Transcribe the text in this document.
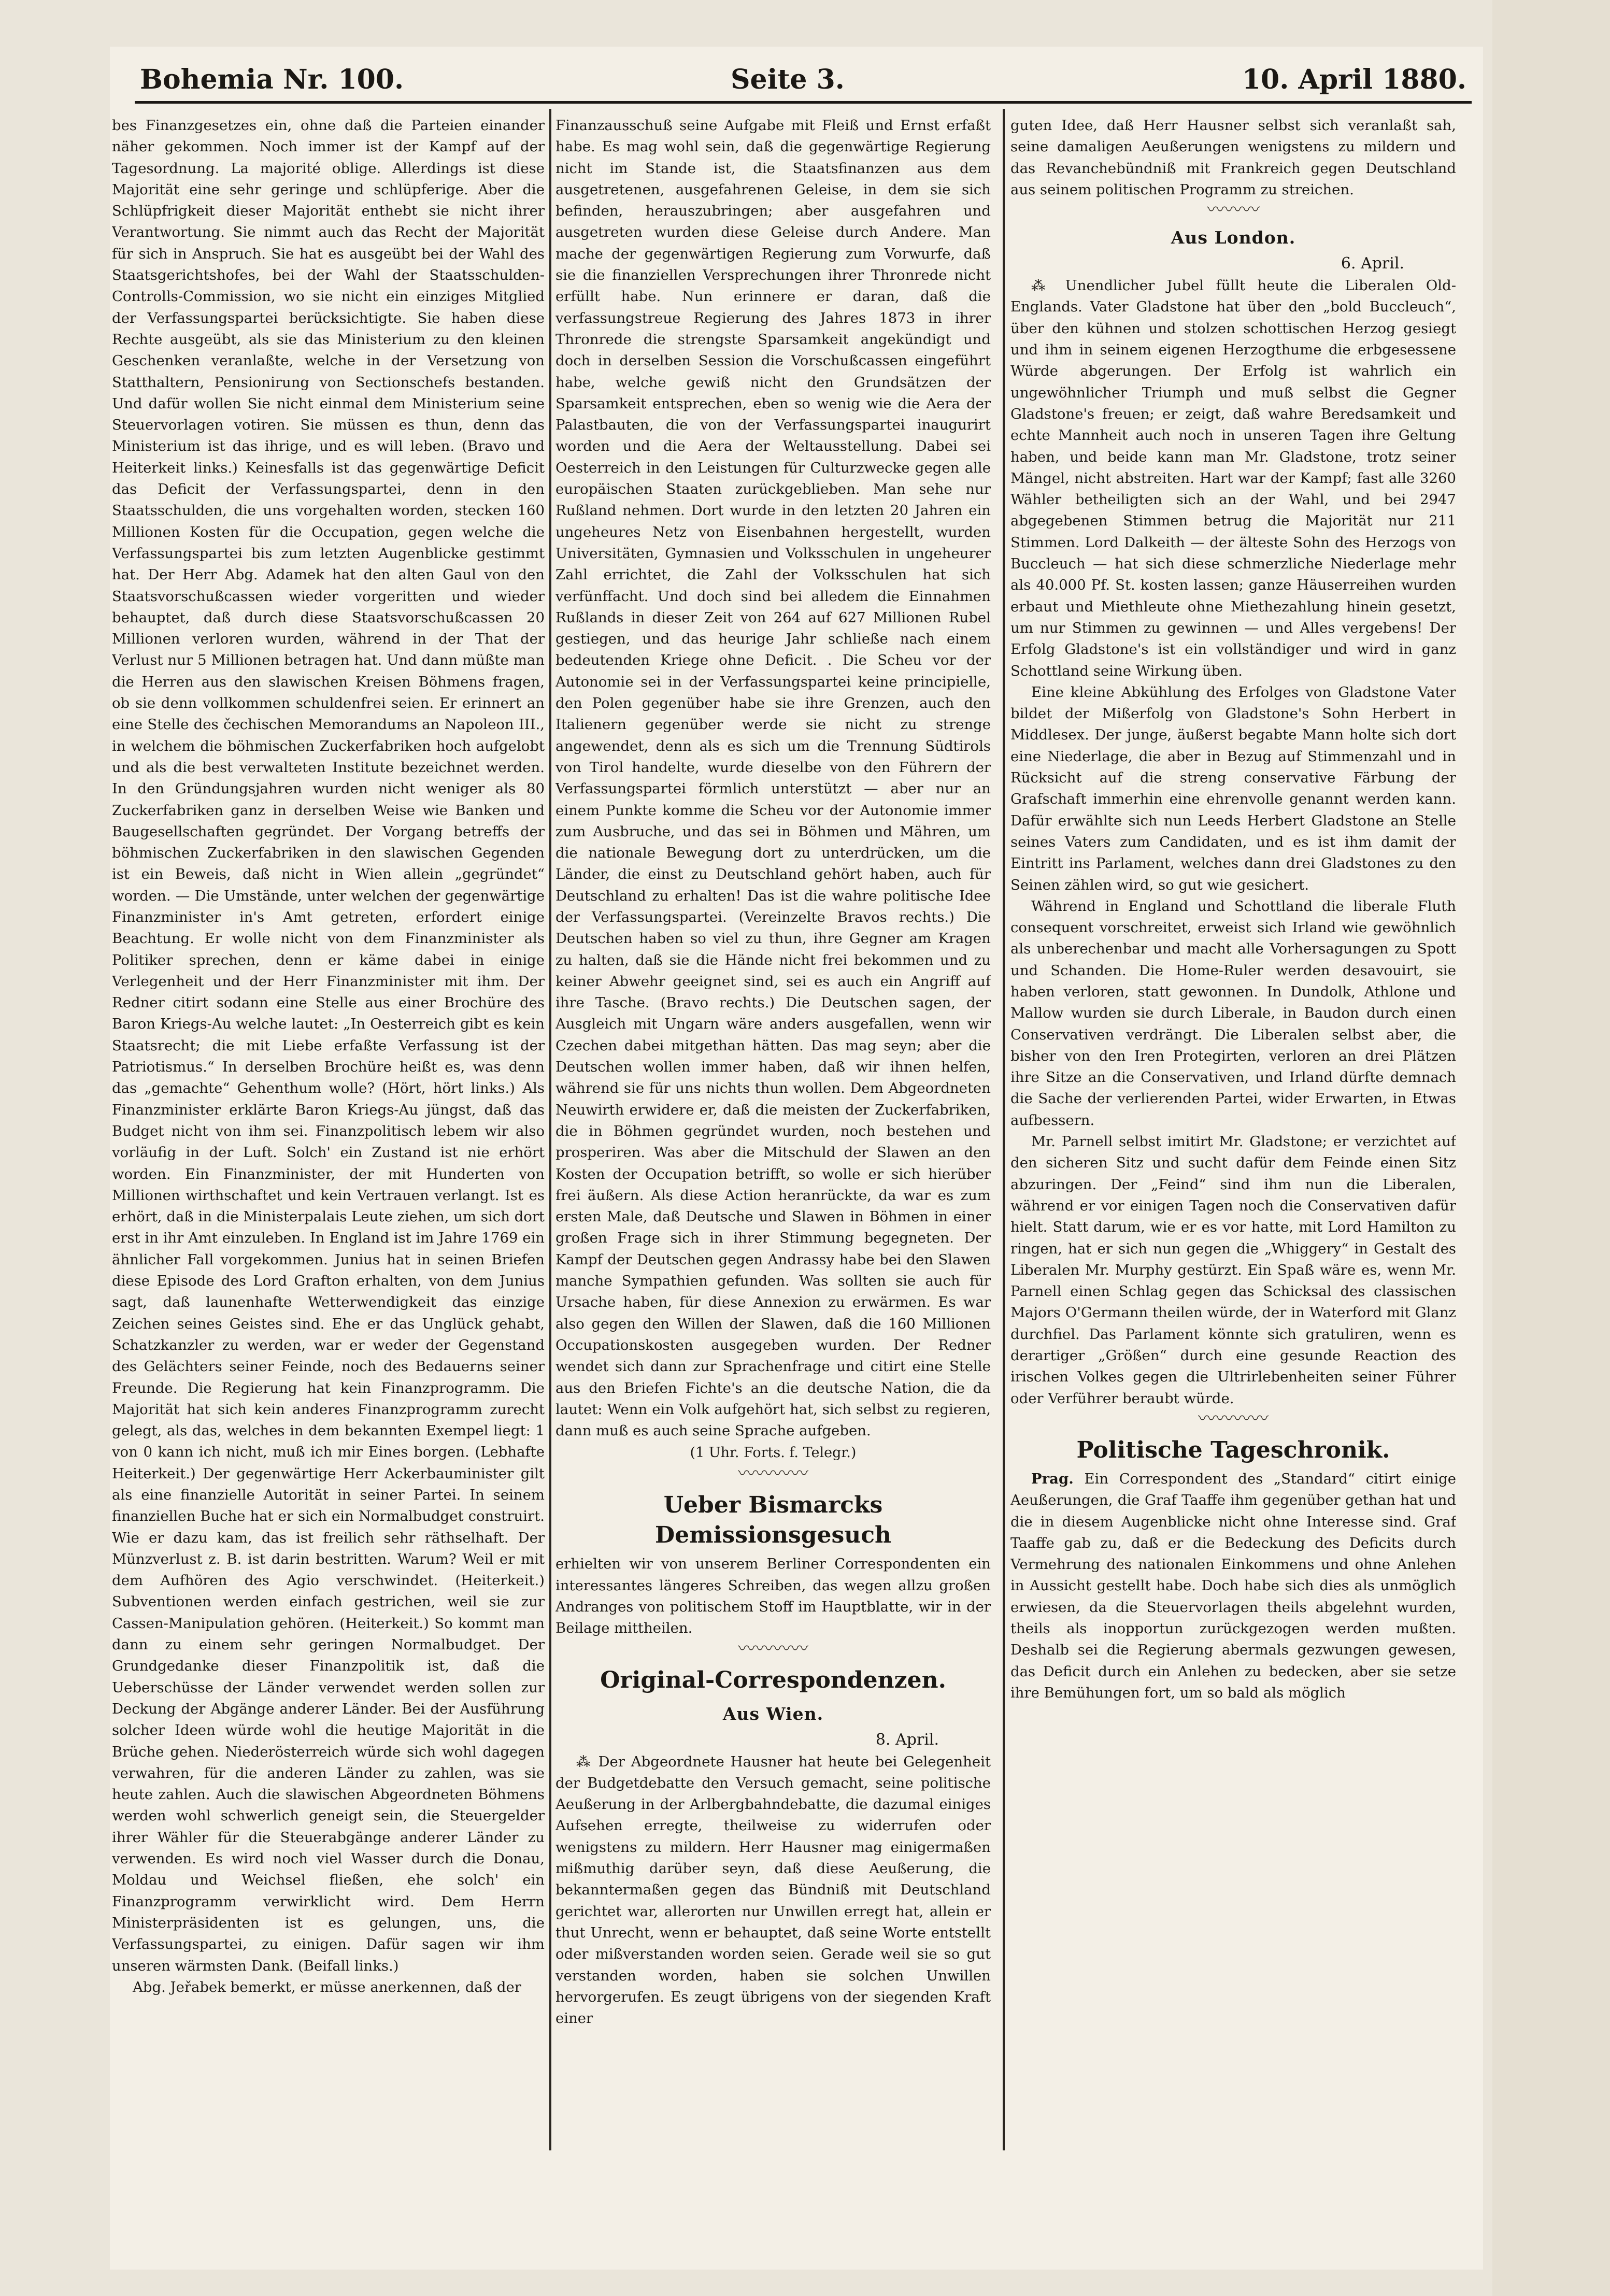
Bohemia Nr. 100.	Seite 3.	10. April 1880.

bes Finanzgesetzes ein, ohne daß die Parteien einander näher gekommen. Noch immer ist der Kampf auf der Tagesordnung. La majorité oblige. Allerdings ist diese Majorität eine sehr geringe und schlüpferige. Aber die Schlüpfrigkeit dieser Majorität enthebt sie nicht ihrer Verantwortung. Sie nimmt auch das Recht der Majorität für sich in Anspruch. Sie hat es ausgeübt bei der Wahl des Staatsgerichtshofes, bei der Wahl der Staatsschulden-Controlls-Commission, wo sie nicht ein einziges Mitglied der Verfassungspartei berücksichtigte. Sie haben diese Rechte ausgeübt, als sie das Ministerium zu den kleinen Geschenken veranlaßte, welche in der Versetzung von Statthaltern, Pensionirung von Sectionschefs bestanden. Und dafür wollen Sie nicht einmal dem Ministerium seine Steuervorlagen votiren. Sie müssen es thun, denn das Ministerium ist das ihrige, und es will leben. (Bravo und Heiterkeit links.) Keinesfalls ist das gegenwärtige Deficit das Deficit der Verfassungspartei, denn in den Staatsschulden, die uns vorgehalten worden, stecken 160 Millionen Kosten für die Occupation, gegen welche die Verfassungspartei bis zum letzten Augenblicke gestimmt hat. Der Herr Abg. Adamek hat den alten Gaul von den Staatsvorschußcassen wieder vorgeritten und wieder behauptet, daß durch diese Staatsvorschußcassen 20 Millionen verloren wurden, während in der That der Verlust nur 5 Millionen betragen hat. Und dann müßte man die Herren aus den slawischen Kreisen Böhmens fragen, ob sie denn vollkommen schuldenfrei seien. Er erinnert an eine Stelle des čechischen Memorandums an Napoleon III., in welchem die böhmischen Zuckerfabriken hoch aufgelobt und als die best verwalteten Institute bezeichnet werden. In den Gründungsjahren wurden nicht weniger als 80 Zuckerfabriken ganz in derselben Weise wie Banken und Baugesellschaften gegründet. Der Vorgang betreffs der böhmischen Zuckerfabriken in den slawischen Gegenden ist ein Beweis, daß nicht in Wien allein „gegründet“ worden. — Die Umstände, unter welchen der gegenwärtige Finanzminister in's Amt getreten, erfordert einige Beachtung. Er wolle nicht von dem Finanzminister als Politiker sprechen, denn er käme dabei in einige Verlegenheit und der Herr Finanzminister mit ihm. Der Redner citirt sodann eine Stelle aus einer Brochüre des Baron Kriegs-Au welche lautet: „In Oesterreich gibt es kein Staatsrecht; die mit Liebe erfaßte Verfassung ist der Patriotismus.“ In derselben Brochüre heißt es, was denn das „gemachte“ Gehenthum wolle? (Hört, hört links.) Als Finanzminister erklärte Baron Kriegs-Au jüngst, daß das Budget nicht von ihm sei. Finanzpolitisch lebem wir also vorläufig in der Luft. Solch' ein Zustand ist nie erhört worden. Ein Finanzminister, der mit Hunderten von Millionen wirthschaftet und kein Vertrauen verlangt. Ist es erhört, daß in die Ministerpalais Leute ziehen, um sich dort erst in ihr Amt einzuleben. In England ist im Jahre 1769 ein ähnlicher Fall vorgekommen. Junius hat in seinen Briefen diese Episode des Lord Grafton erhalten, von dem Junius sagt, daß launenhafte Wetterwendigkeit das einzige Zeichen seines Geistes sind. Ehe er das Unglück gehabt, Schatzkanzler zu werden, war er weder der Gegenstand des Gelächters seiner Feinde, noch des Bedauerns seiner Freunde. Die Regierung hat kein Finanzprogramm. Die Majorität hat sich kein anderes Finanzprogramm zurecht gelegt, als das, welches in dem bekannten Exempel liegt: 1 von 0 kann ich nicht, muß ich mir Eines borgen. (Lebhafte Heiterkeit.) Der gegenwärtige Herr Ackerbauminister gilt als eine finanzielle Autorität in seiner Partei. In seinem finanziellen Buche hat er sich ein Normalbudget construirt. Wie er dazu kam, das ist freilich sehr räthselhaft. Der Münzverlust z. B. ist darin bestritten. Warum? Weil er mit dem Aufhören des Agio verschwindet. (Heiterkeit.) Subventionen werden einfach gestrichen, weil sie zur Cassen-Manipulation gehören. (Heiterkeit.) So kommt man dann zu einem sehr geringen Normalbudget. Der Grundgedanke dieser Finanzpolitik ist, daß die Ueberschüsse der Länder verwendet werden sollen zur Deckung der Abgänge anderer Länder. Bei der Ausführung solcher Ideen würde wohl die heutige Majorität in die Brüche gehen. Niederösterreich würde sich wohl dagegen verwahren, für die anderen Länder zu zahlen, was sie heute zahlen. Auch die slawischen Abgeordneten Böhmens werden wohl schwerlich geneigt sein, die Steuergelder ihrer Wähler für die Steuerabgänge anderer Länder zu verwenden. Es wird noch viel Wasser durch die Donau, Moldau und Weichsel fließen, ehe solch' ein Finanzprogramm verwirklicht wird. Dem Herrn Ministerpräsidenten ist es gelungen, uns, die Verfassungspartei, zu einigen. Dafür sagen wir ihm unseren wärmsten Dank. (Beifall links.)

Abg. Jeřabek bemerkt, er müsse anerkennen, daß der

Finanzausschuß seine Aufgabe mit Fleiß und Ernst erfaßt habe. Es mag wohl sein, daß die gegenwärtige Regierung nicht im Stande ist, die Staatsfinanzen aus dem ausgetretenen, ausgefahrenen Geleise, in dem sie sich befinden, herauszubringen; aber ausgefahren und ausgetreten wurden diese Geleise durch Andere. Man mache der gegenwärtigen Regierung zum Vorwurfe, daß sie die finanziellen Versprechungen ihrer Thronrede nicht erfüllt habe. Nun erinnere er daran, daß die verfassungstreue Regierung des Jahres 1873 in ihrer Thronrede die strengste Sparsamkeit angekündigt und doch in derselben Session die Vorschußcassen eingeführt habe, welche gewiß nicht den Grundsätzen der Sparsamkeit entsprechen, eben so wenig wie die Aera der Palastbauten, die von der Verfassungspartei inaugurirt worden und die Aera der Weltausstellung. Dabei sei Oesterreich in den Leistungen für Culturzwecke gegen alle europäischen Staaten zurückgeblieben. Man sehe nur Rußland nehmen. Dort wurde in den letzten 20 Jahren ein ungeheures Netz von Eisenbahnen hergestellt, wurden Universitäten, Gymnasien und Volksschulen in ungeheurer Zahl errichtet, die Zahl der Volksschulen hat sich verfünffacht. Und doch sind bei alledem die Einnahmen Rußlands in dieser Zeit von 264 auf 627 Millionen Rubel gestiegen, und das heurige Jahr schließe nach einem bedeutenden Kriege ohne Deficit. . Die Scheu vor der Autonomie sei in der Verfassungspartei keine principielle, den Polen gegenüber habe sie ihre Grenzen, auch den Italienern gegenüber werde sie nicht zu strenge angewendet, denn als es sich um die Trennung Südtirols von Tirol handelte, wurde dieselbe von den Führern der Verfassungspartei förmlich unterstützt — aber nur an einem Punkte komme die Scheu vor der Autonomie immer zum Ausbruche, und das sei in Böhmen und Mähren, um die nationale Bewegung dort zu unterdrücken, um die Länder, die einst zu Deutschland gehört haben, auch für Deutschland zu erhalten! Das ist die wahre politische Idee der Verfassungspartei. (Vereinzelte Bravos rechts.) Die Deutschen haben so viel zu thun, ihre Gegner am Kragen zu halten, daß sie die Hände nicht frei bekommen und zu keiner Abwehr geeignet sind, sei es auch ein Angriff auf ihre Tasche. (Bravo rechts.) Die Deutschen sagen, der Ausgleich mit Ungarn wäre anders ausgefallen, wenn wir Czechen dabei mitgethan hätten. Das mag seyn; aber die Deutschen wollen immer haben, daß wir ihnen helfen, während sie für uns nichts thun wollen. Dem Abgeordneten Neuwirth erwidere er, daß die meisten der Zuckerfabriken, die in Böhmen gegründet wurden, noch bestehen und prosperiren. Was aber die Mitschuld der Slawen an den Kosten der Occupation betrifft, so wolle er sich hierüber frei äußern. Als diese Action heranrückte, da war es zum ersten Male, daß Deutsche und Slawen in Böhmen in einer großen Frage sich in ihrer Stimmung begegneten. Der Kampf der Deutschen gegen Andrassy habe bei den Slawen manche Sympathien gefunden. Was sollten sie auch für Ursache haben, für diese Annexion zu erwärmen. Es war also gegen den Willen der Slawen, daß die 160 Millionen Occupationskosten ausgegeben wurden. Der Redner wendet sich dann zur Sprachenfrage und citirt eine Stelle aus den Briefen Fichte's an die deutsche Nation, die da lautet: Wenn ein Volk aufgehört hat, sich selbst zu regieren, dann muß es auch seine Sprache aufgeben.

(1 Uhr. Forts. f. Telegr.)
〰〰〰〰
Ueber Bismarcks Demissionsgesuch

erhielten wir von unserem Berliner Correspondenten ein interessantes längeres Schreiben, das wegen allzu großen Andranges von politischem Stoff im Hauptblatte, wir in der Beilage mittheilen.

〰〰〰〰
Original-Correspondenzen.
Aus Wien.
8. April.

⁂ Der Abgeordnete Hausner hat heute bei Gelegenheit der Budgetdebatte den Versuch gemacht, seine politische Aeußerung in der Arlbergbahndebatte, die dazumal einiges Aufsehen erregte, theilweise zu widerrufen oder wenigstens zu mildern. Herr Hausner mag einigermaßen mißmuthig darüber seyn, daß diese Aeußerung, die bekanntermaßen gegen das Bündniß mit Deutschland gerichtet war, allerorten nur Unwillen erregt hat, allein er thut Unrecht, wenn er behauptet, daß seine Worte entstellt oder mißverstanden worden seien. Gerade weil sie so gut verstanden worden, haben sie solchen Unwillen hervorgerufen. Es zeugt übrigens von der siegenden Kraft einer

guten Idee, daß Herr Hausner selbst sich veranlaßt sah, seine damaligen Aeußerungen wenigstens zu mildern und das Revanchebündniß mit Frankreich gegen Deutschland aus seinem politischen Programm zu streichen.

〰〰〰
Aus London.
6. April.

⁂ Unendlicher Jubel füllt heute die Liberalen Old-Englands. Vater Gladstone hat über den „bold Buccleuch“, über den kühnen und stolzen schottischen Herzog gesiegt und ihm in seinem eigenen Herzogthume die erbgesessene Würde abgerungen. Der Erfolg ist wahrlich ein ungewöhnlicher Triumph und muß selbst die Gegner Gladstone's freuen; er zeigt, daß wahre Beredsamkeit und echte Mannheit auch noch in unseren Tagen ihre Geltung haben, und beide kann man Mr. Gladstone, trotz seiner Mängel, nicht abstreiten. Hart war der Kampf; fast alle 3260 Wähler betheiligten sich an der Wahl, und bei 2947 abgegebenen Stimmen betrug die Majorität nur 211 Stimmen. Lord Dalkeith — der älteste Sohn des Herzogs von Buccleuch — hat sich diese schmerzliche Niederlage mehr als 40.000 Pf. St. kosten lassen; ganze Häuserreihen wurden erbaut und Miethleute ohne Miethezahlung hinein gesetzt, um nur Stimmen zu gewinnen — und Alles vergebens! Der Erfolg Gladstone's ist ein vollständiger und wird in ganz Schottland seine Wirkung üben.

Eine kleine Abkühlung des Erfolges von Gladstone Vater bildet der Mißerfolg von Gladstone's Sohn Herbert in Middlesex. Der junge, äußerst begabte Mann holte sich dort eine Niederlage, die aber in Bezug auf Stimmenzahl und in Rücksicht auf die streng conservative Färbung der Grafschaft immerhin eine ehrenvolle genannt werden kann. Dafür erwählte sich nun Leeds Herbert Gladstone an Stelle seines Vaters zum Candidaten, und es ist ihm damit der Eintritt ins Parlament, welches dann drei Gladstones zu den Seinen zählen wird, so gut wie gesichert.

Während in England und Schottland die liberale Fluth consequent vorschreitet, erweist sich Irland wie gewöhnlich als unberechenbar und macht alle Vorhersagungen zu Spott und Schanden. Die Home-Ruler werden desavouirt, sie haben verloren, statt gewonnen. In Dundolk, Athlone und Mallow wurden sie durch Liberale, in Baudon durch einen Conservativen verdrängt. Die Liberalen selbst aber, die bisher von den Iren Protegirten, verloren an drei Plätzen ihre Sitze an die Conservativen, und Irland dürfte demnach die Sache der verlierenden Partei, wider Erwarten, in Etwas aufbessern.

Mr. Parnell selbst imitirt Mr. Gladstone; er verzichtet auf den sicheren Sitz und sucht dafür dem Feinde einen Sitz abzuringen. Der „Feind“ sind ihm nun die Liberalen, während er vor einigen Tagen noch die Conservativen dafür hielt. Statt darum, wie er es vor hatte, mit Lord Hamilton zu ringen, hat er sich nun gegen die „Whiggery“ in Gestalt des Liberalen Mr. Murphy gestürzt. Ein Spaß wäre es, wenn Mr. Parnell einen Schlag gegen das Schicksal des classischen Majors O'Germann theilen würde, der in Waterford mit Glanz durchfiel. Das Parlament könnte sich gratuliren, wenn es derartiger „Größen“ durch eine gesunde Reaction des irischen Volkes gegen die Ultrirlebenheiten seiner Führer oder Verführer beraubt würde.

〰〰〰〰
Politische Tageschronik.

Prag. Ein Correspondent des „Standard“ citirt einige Aeußerungen, die Graf Taaffe ihm gegenüber gethan hat und die in diesem Augenblicke nicht ohne Interesse sind. Graf Taaffe gab zu, daß er die Bedeckung des Deficits durch Vermehrung des nationalen Einkommens und ohne Anlehen in Aussicht gestellt habe. Doch habe sich dies als unmöglich erwiesen, da die Steuervorlagen theils abgelehnt wurden, theils als inopportun zurückgezogen werden mußten. Deshalb sei die Regierung abermals gezwungen gewesen, das Deficit durch ein Anlehen zu bedecken, aber sie setze ihre Bemühungen fort, um so bald als möglich
